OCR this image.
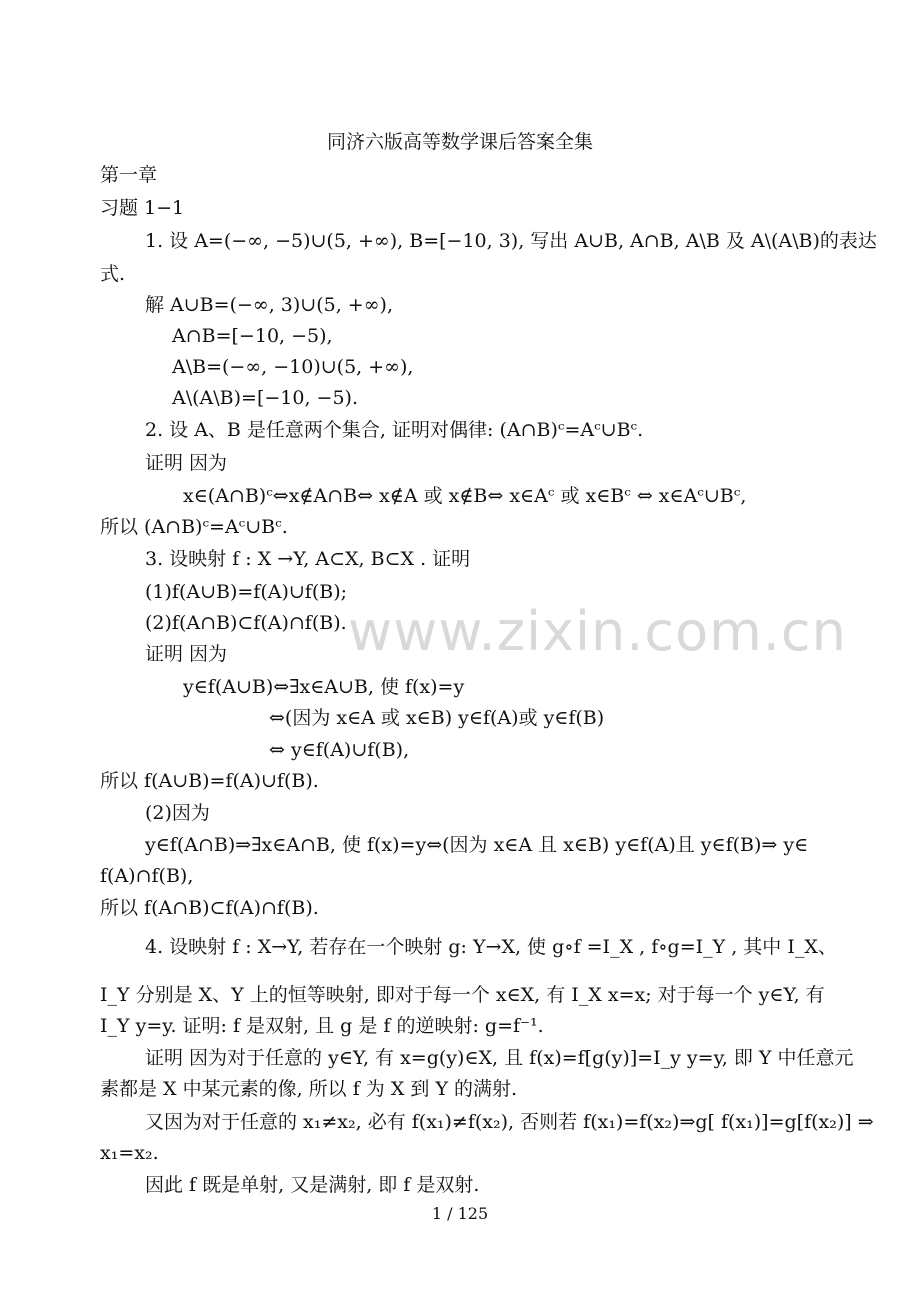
同济六版高等数学课后答案全集
第一章
习题 1−1
www.zixin.com.cn
1. 设 A=(−∞, −5)∪(5, +∞), B=[−10, 3), 写出 A∪B, A∩B, A\B 及 A\(A\B)的表达
式.
解 A∪B=(−∞, 3)∪(5, +∞),
A∩B=[−10, −5),
A\B=(−∞, −10)∪(5, +∞),
A\(A\B)=[−10, −5).
2. 设 A、B 是任意两个集合, 证明对偶律: (A∩B)ᶜ=Aᶜ∪Bᶜ.
证明 因为
x∈(A∩B)ᶜ⇔x∉A∩B⇔ x∉A 或 x∉B⇔ x∈Aᶜ 或 x∈Bᶜ ⇔ x∈Aᶜ∪Bᶜ,
所以 (A∩B)ᶜ=Aᶜ∪Bᶜ.
3. 设映射 f : X →Y, A⊂X, B⊂X . 证明
(1)f(A∪B)=f(A)∪f(B);
(2)f(A∩B)⊂f(A)∩f(B).
证明 因为
y∈f(A∪B)⇔∃x∈A∪B, 使 f(x)=y
⇔(因为 x∈A 或 x∈B) y∈f(A)或 y∈f(B)
⇔ y∈f(A)∪f(B),
所以 f(A∪B)=f(A)∪f(B).
(2)因为
y∈f(A∩B)⇒∃x∈A∩B, 使 f(x)=y⇔(因为 x∈A 且 x∈B) y∈f(A)且 y∈f(B)⇒ y∈
f(A)∩f(B),
所以 f(A∩B)⊂f(A)∩f(B).
4. 设映射 f : X→Y, 若存在一个映射 g: Y→X, 使 g∘f =I_X , f∘g=I_Y , 其中 I_X、
I_Y 分别是 X、Y 上的恒等映射, 即对于每一个 x∈X, 有 I_X x=x; 对于每一个 y∈Y, 有
I_Y y=y. 证明: f 是双射, 且 g 是 f 的逆映射: g=f⁻¹.
证明 因为对于任意的 y∈Y, 有 x=g(y)∈X, 且 f(x)=f[g(y)]=I_y y=y, 即 Y 中任意元
素都是 X 中某元素的像, 所以 f 为 X 到 Y 的满射.
又因为对于任意的 x₁≠x₂, 必有 f(x₁)≠f(x₂), 否则若 f(x₁)=f(x₂)⇒g[ f(x₁)]=g[f(x₂)] ⇒
x₁=x₂.
因此 f 既是单射, 又是满射, 即 f 是双射.
1 / 125
